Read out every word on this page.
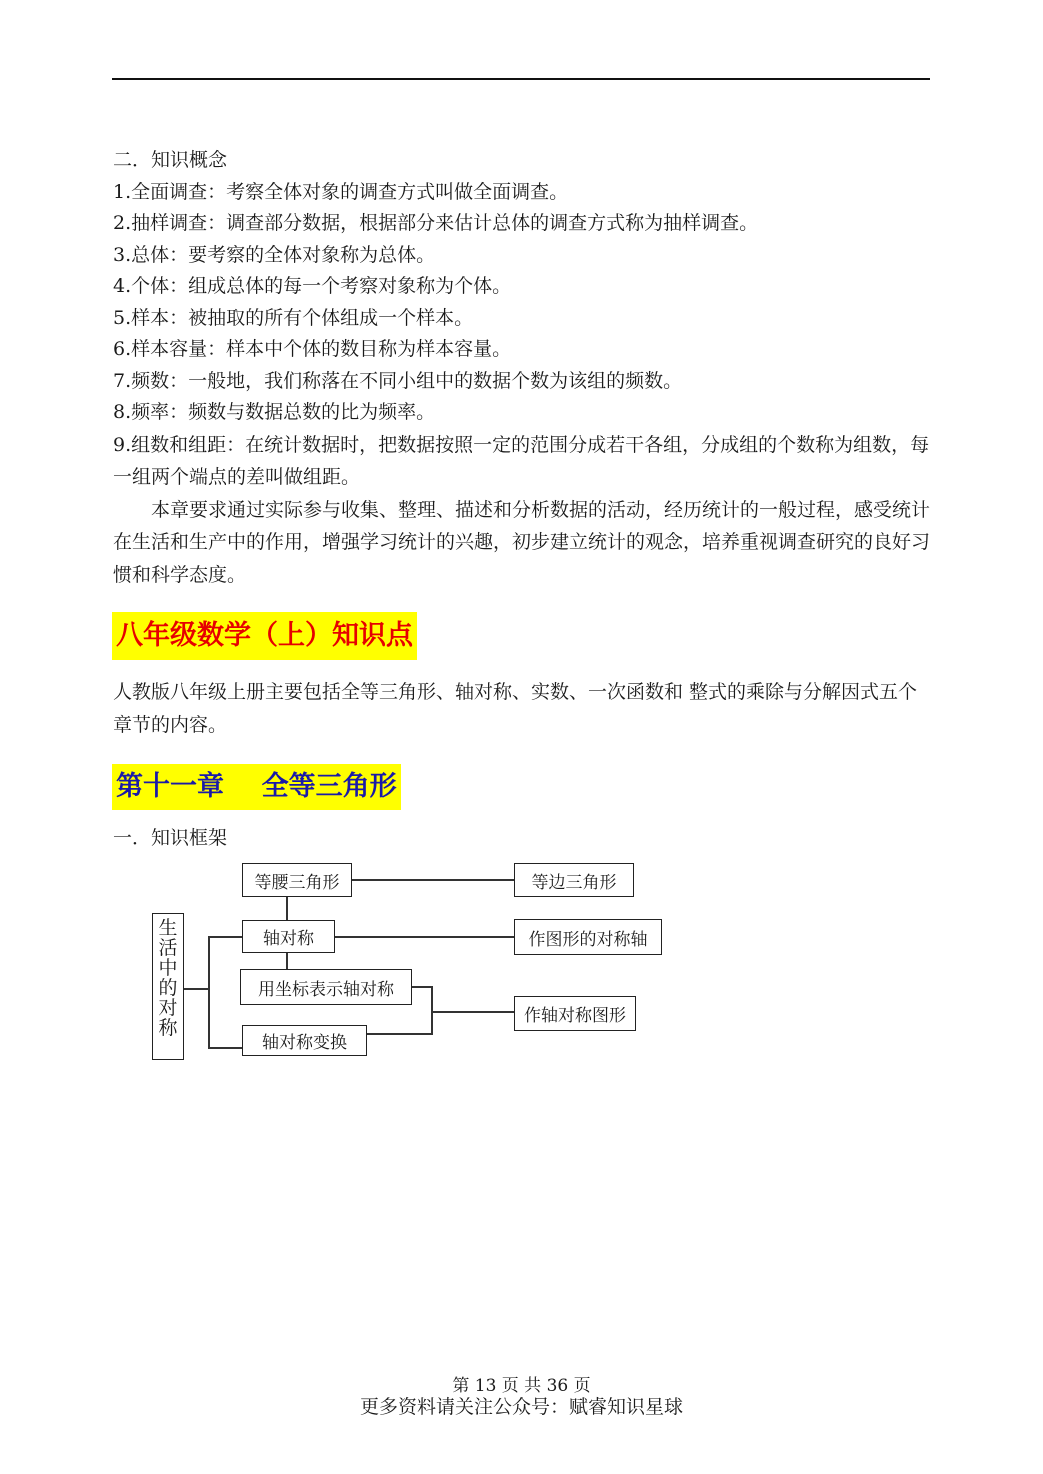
二．知识概念
1.全面调查：考察全体对象的调查方式叫做全面调查。
2.抽样调查：调查部分数据，根据部分来估计总体的调查方式称为抽样调查。
3.总体：要考察的全体对象称为总体。
4.个体：组成总体的每一个考察对象称为个体。
5.样本：被抽取的所有个体组成一个样本。
6.样本容量：样本中个体的数目称为样本容量。
7.频数：一般地，我们称落在不同小组中的数据个数为该组的频数。
8.频率：频数与数据总数的比为频率。
9.组数和组距：在统计数据时，把数据按照一定的范围分成若干各组，分成组的个数称为组数，每一组两个端点的差叫做组距。
本章要求通过实际参与收集、整理、描述和分析数据的活动，经历统计的一般过程，感受统计在生活和生产中的作用，增强学习统计的兴趣，初步建立统计的观念，培养重视调查研究的良好习惯和科学态度。
八年级数学（上）知识点
人教版八年级上册主要包括全等三角形、轴对称、实数、一次函数和 整式的乘除与分解因式五个章节的内容。
第十一章    全等三角形
一．知识框架
生
活
中
的
对
称
等腰三角形	等边三角形
轴对称	作图形的对称轴
用坐标表示轴对称
轴对称变换
作轴对称图形
第 13 页 共 36 页
更多资料请关注公众号：赋睿知识星球
